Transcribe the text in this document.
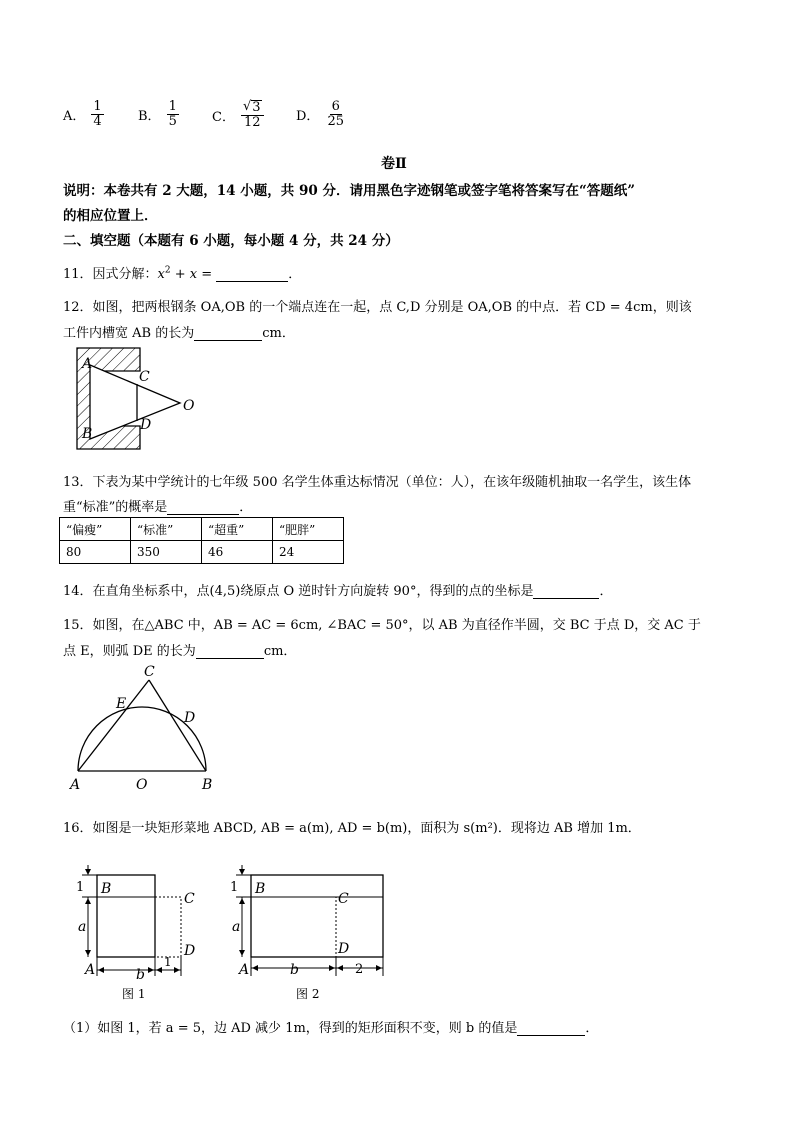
A． $\frac{1}{4}$	B． $\frac{1}{5}$	C． $\frac{√ 3}{12}$ D． $\frac{6}{25}$
卷Ⅱ
说明：本卷共有 2 大题，14 小题，共 90 分．请用黑色字迹钢笔或签字笔将答案写在“答题纸”
的相应位置上．
二、填空题（本题有 6 小题，每小题 4 分，共 24 分）
11．因式分解：$x^2 + x$ =	．
12．如图，把两根钢条 OA,OB 的一个端点连在一起，点 C,D 分别是 OA,OB 的中点．若 CD = 4cm，则该
工件内槽宽 AB 的长为	cm．
A
B
C
D
O
13．下表为某中学统计的七年级 500 名学生体重达标情况（单位：人），在该年级随机抽取一名学生，该生体
重“标准”的概率是	．
“偏瘦”	“标准”	“超重”	“肥胖”
80	350	46	24
14．在直角坐标系中，点(4,5)绕原点 O 逆时针方向旋转 90°，得到的点的坐标是	．
15．如图，在△ABC 中，AB = AC = 6cm, ∠BAC = 50°，以 AB 为直径作半圆，交 BC 于点 D，交 AC 于
点 E，则弧 DE 的长为	cm．
C
E
D
A	O	B
16．如图是一块矩形菜地 ABCD, AB = a(m), AD = b(m)，面积为 s(m²)．现将边 AB 增加 1m．
1
a
B
C
D
A	b
1
图 1
1
a
B
C
D
A	b	2
图 2
（1）如图 1，若 a = 5，边 AD 减少 1m，得到的矩形面积不变，则 b 的值是	．
